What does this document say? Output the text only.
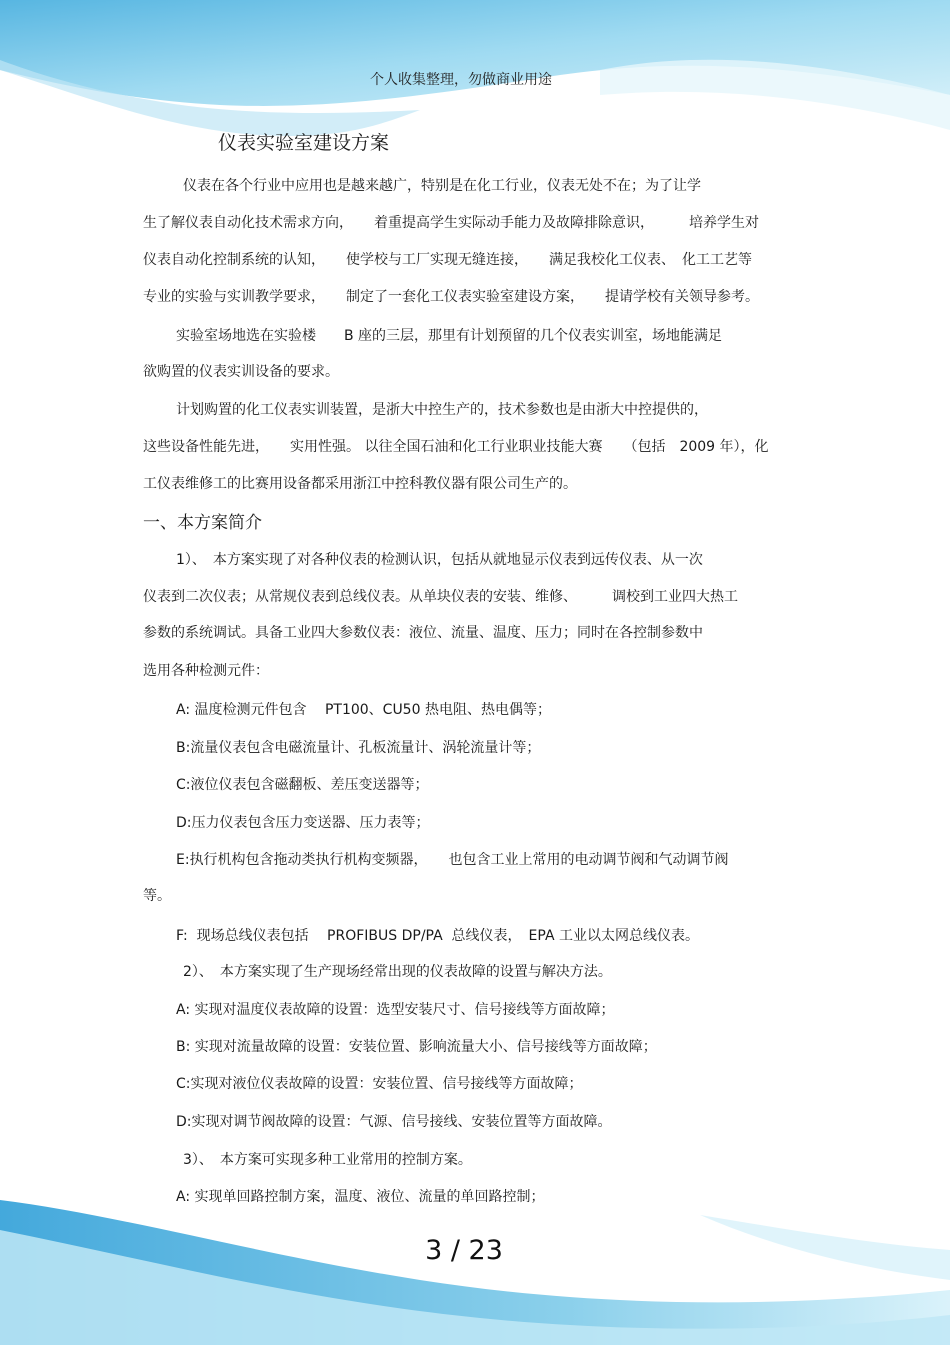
个人收集整理，勿做商业用途
仪表实验室建设方案
仪表在各个行业中应用也是越来越广，特别是在化工行业，仪表无处不在；为了让学
生了解仪表自动化技术需求方向，　　着重提高学生实际动手能力及故障排除意识，　　　培养学生对
仪表自动化控制系统的认知，　　使学校与工厂实现无缝连接，　　满足我校化工仪表、　化工工艺等
专业的实验与实训教学要求，　　制定了一套化工仪表实验室建设方案，　　提请学校有关领导参考。
实验室场地选在实验楼　　B 座的三层，那里有计划预留的几个仪表实训室，场地能满足
欲购置的仪表实训设备的要求。
计划购置的化工仪表实训装置，是浙大中控生产的，技术参数也是由浙大中控提供的，
这些设备性能先进，　　实用性强。 以往全国石油和化工行业职业技能大赛　　（包括　2009 年），化
工仪表维修工的比赛用设备都采用浙江中控科教仪器有限公司生产的。
一、本方案简介
1）、　本方案实现了对各种仪表的检测认识，包括从就地显示仪表到远传仪表、从一次
仪表到二次仪表；从常规仪表到总线仪表。从单块仪表的安装、维修、　　　调校到工业四大热工
参数的系统调试。具备工业四大参数仪表：液位、流量、温度、压力；同时在各控制参数中
选用各种检测元件：
A: 温度检测元件包含　 PT100、CU50 热电阻、热电偶等；
B:流量仪表包含电磁流量计、孔板流量计、涡轮流量计等；
C:液位仪表包含磁翻板、差压变送器等；
D:压力仪表包含压力变送器、压力表等；
E:执行机构包含拖动类执行机构变频器，　　也包含工业上常用的电动调节阀和气动调节阀
等。
F:  现场总线仪表包括　 PROFIBUS DP/PA  总线仪表，　EPA 工业以太网总线仪表。
2）、　本方案实现了生产现场经常出现的仪表故障的设置与解决方法。
A: 实现对温度仪表故障的设置：选型安装尺寸、信号接线等方面故障；
B: 实现对流量故障的设置：安装位置、影响流量大小、信号接线等方面故障；
C:实现对液位仪表故障的设置：安装位置、信号接线等方面故障；
D:实现对调节阀故障的设置：气源、信号接线、安装位置等方面故障。
3）、　本方案可实现多种工业常用的控制方案。
A: 实现单回路控制方案，温度、液位、流量的单回路控制；
3 / 23
